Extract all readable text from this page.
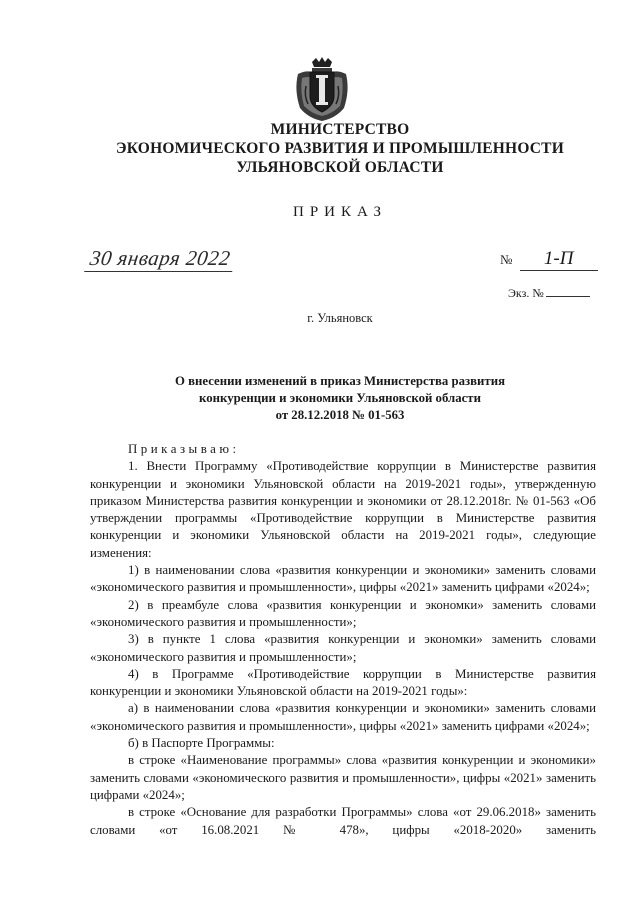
МИНИСТЕРСТВО
ЭКОНОМИЧЕСКОГО РАЗВИТИЯ И ПРОМЫШЛЕННОСТИ
УЛЬЯНОВСКОЙ ОБЛАСТИ
ПРИКАЗ
30 января 2022	№ 1-П
Экз. №
г. Ульяновск
О внесении изменений в приказ Министерства развития
конкуренции и экономики Ульяновской области
от 28.12.2018 № 01-563

Приказываю:

1. Внести Программу «Противодействие коррупции в Министерстве развития конкуренции и экономики Ульяновской области на 2019-2021 годы», утвержденную приказом Министерства развития конкуренции и экономики от 28.12.2018г. № 01-563 «Об утверждении программы «Противодействие коррупции в Министерстве развития конкуренции и экономики Ульяновской области на 2019-2021 годы», следующие изменения:

1) в наименовании слова «развития конкуренции и экономики» заменить словами «экономического развития и промышленности», цифры «2021» заменить цифрами «2024»;

2) в преамбуле слова «развития конкуренции и экономки» заменить словами «экономического развития и промышленности»;

3) в пункте 1 слова «развития конкуренции и экономки» заменить словами «экономического развития и промышленности»;

4) в Программе «Противодействие коррупции в Министерстве развития конкуренции и экономики Ульяновской области на 2019-2021 годы»:

а) в наименовании слова «развития конкуренции и экономики» заменить словами «экономического развития и промышленности», цифры «2021» заменить цифрами «2024»;

б) в Паспорте Программы:

в строке «Наименование программы» слова «развития конкуренции и экономики» заменить словами «экономического развития и промышленности», цифры «2021» заменить цифрами «2024»;

в строке «Основание для разработки Программы» слова «от 29.06.2018» заменить словами «от 16.08.2021 № 478», цифры «2018-2020» заменить
